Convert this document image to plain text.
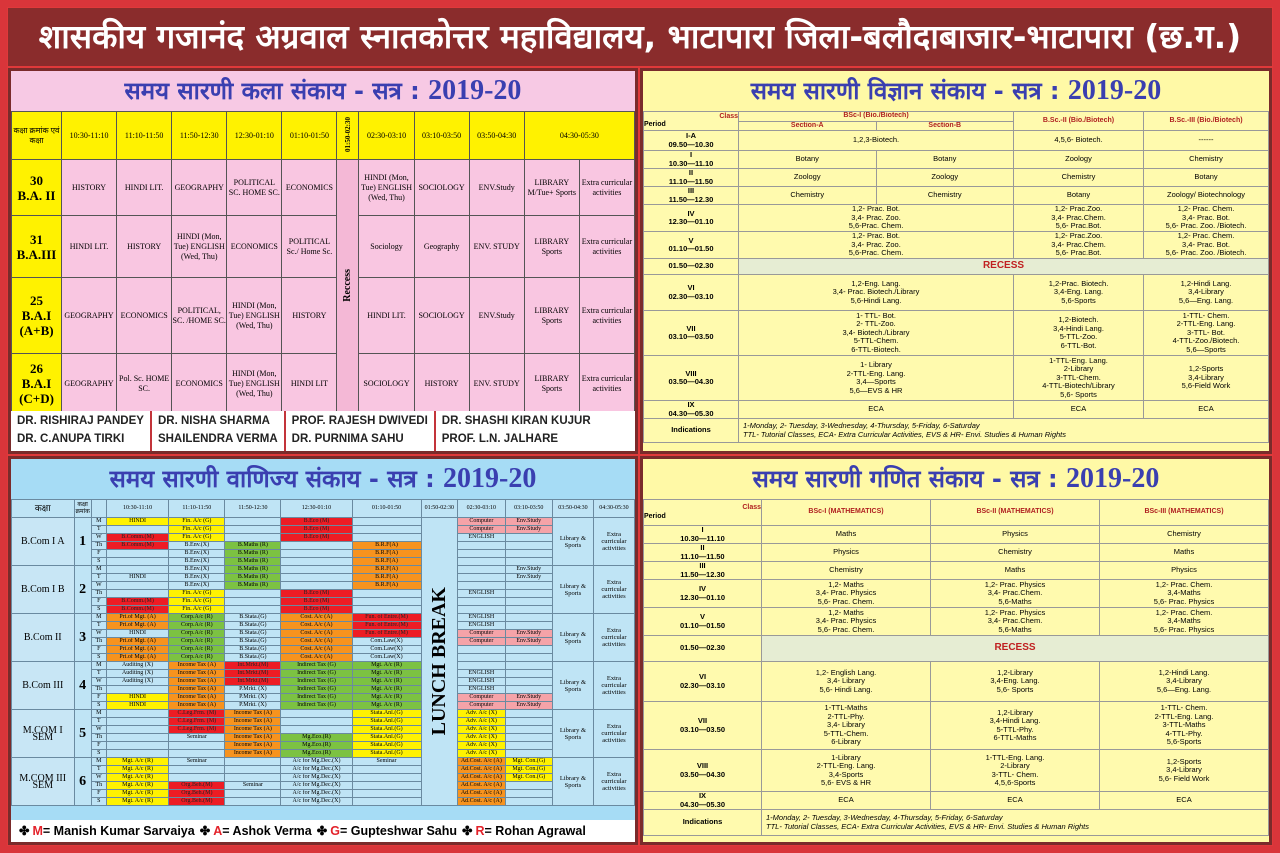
शासकीय गजानंद अग्रवाल स्नातकोत्तर महाविद्यालय, भाटापारा जिला-बलौदाबाजार-भाटापारा (छ.ग.)
समय सारणी कला संकाय - सत्र : 2019-20
कक्षा क्रमांक एवं कक्षा	10:30-11:10	11:10-11:50	11:50-12:30	12:30-01:10	01:10-01:50	01:50-02:30	02:30-03:10	03:10-03:50	03:50-04:30	04:30-05:30	
30
B.A. II	HISTORY	HINDI LIT.	GEOGRAPHY	POLITICAL SC. HOME SC.	ECONOMICS	Reccess	HINDI (Mon, Tue) ENGLISH (Wed, Thu)	SOCIOLOGY	ENV.Study	LIBRARY M/Tue+ Sports	Extra curricular activities
31
B.A.III	HINDI LIT.	HISTORY	HINDI (Mon, Tue) ENGLISH (Wed, Thu)	ECONOMICS	POLITICAL Sc./ Home Sc.		Sociology	Geography	ENV. STUDY	LIBRARY Sports	Extra curricular activities
25
B.A.I
(A+B)	GEOGRAPHY	ECONOMICS	POLITICAL, SC. /HOME SC.	HINDI (Mon, Tue) ENGLISH (Wed, Thu)	HISTORY		HINDI LIT.	SOCIOLOGY	ENV.Study	LIBRARY Sports	Extra curricular activities
26
B.A.I
(C+D)	GEOGRAPHY	Pol. Sc. HOME SC.	ECONOMICS	HINDI (Mon, Tue) ENGLISH (Wed, Thu)	HINDI LIT		SOCIOLOGY	HISTORY	ENV. STUDY	LIBRARY Sports	Extra curricular activities
DR. RISHIRAJ PANDEY
DR. C.ANUPA TIRKI
DR. NISHA SHARMA
SHAILENDRA VERMA
PROF. RAJESH DWIVEDI
DR. PURNIMA SAHU
DR. SHASHI KIRAN KUJUR
PROF. L.N. JALHARE
समय सारणी विज्ञान संकाय - सत्र : 2019-20
Class
Period	BSc-I (Bio./Biotech)		B.Sc.-II (Bio./Biotech)	B.Sc.-III (Bio./Biotech)
	Section-A	Section-B		
I-A
09.50—10.30	1,2,3-Biotech.		4,5,6- Biotech.	------
I
10.30—11.10	Botany	Botany	Zoology	Chemistry
II
11.10—11.50	Zoology	Zoology	Chemistry	Botany
III
11.50—12.30	Chemistry	Chemistry	Botany	Zoology/ Biotechnology
IV
12.30—01.10	1,2- Prac. Bot.
3,4- Prac. Zoo.
5,6-Prac. Chem.		1,2- Prac.Zoo.
3,4- Prac.Chem.
5,6- Prac.Bot.	1,2- Prac. Chem.
3,4- Prac. Bot.
5,6- Prac. Zoo. /Biotech.
V
01.10—01.50	1,2- Prac. Bot.
3,4- Prac. Zoo.
5,6-Prac. Chem.		1,2- Prac.Zoo.
3,4- Prac.Chem.
5,6- Prac.Bot.	1,2- Prac. Chem.
3,4- Prac. Bot.
5,6- Prac. Zoo. /Biotech.
01.50—02.30	RECESS			
VI
02.30—03.10	1,2-Eng. Lang.
3,4- Prac. Biotech./Library
5,6-Hindi Lang.		1,2-Prac. Biotech.
3,4-Eng. Lang.
5,6-Sports	1,2-Hindi Lang.
3,4-Library
5,6—Eng. Lang.
VII
03.10—03.50	1- TTL- Bot.
2- TTL-Zoo.
3,4- Biotech./Library
5-TTL-Chem.
6-TTL-Biotech.		1,2-Biotech.
3,4-Hindi Lang.
5-TTL-Zoo.
6-TTL-Bot.	1-TTL- Chem.
2-TTL-Eng. Lang.
3-TTL- Bot.
4-TTL-Zoo./Biotech.
5,6—Sports
VIII
03.50—04.30	1- Library
2-TTL-Eng. Lang.
3,4—Sports
5,6—EVS & HR		1-TTL-Eng. Lang.
2-Library
3-TTL-Chem.
4-TTL-Biotech/Library
5,6- Sports	1,2-Sports
3,4-Library
5,6-Field Work
IX
04.30—05.30	ECA		ECA	ECA
Indications	1-Monday, 2- Tuesday, 3-Wednesday, 4-Thursday, 5-Friday, 6-Saturday
TTL- Tutorial Classes, ECA- Extra Curricular Activities, EVS & HR- Envi. Studies & Human Rights			
समय सारणी वाणिज्य संकाय - सत्र : 2019-20
कक्षा	कक्षा क्रमांक		10:30-11:10	11:10-11:50	11:50-12:30	12:30-01:10	01:10-01:50	01:50-02:30	02:30-03:10	03:10-03:50	03:50-04:30	04:30-05:30
B.Com I A	1	M	HINDI	Fin. A/c (G)		B.Eco (M)		LUNCH BREAK	Computer	Env.Study	Library & Sports	Extra curricular activities
		T		Fin. A/c (G)		B.Eco (M)			Computer	Env.Study		
		W	B.Comm.(M)	Fin. A/c (G)		B.Eco (M)			ENGLISH			
		Th	B.Comm.(M)	B.Env.(X)	B.Maths (R)		B.R.F(A)					
		F		B.Env.(X)	B.Maths (R)		B.R.F(A)					
		S		B.Env.(X)	B.Maths (R)		B.R.F(A)					
B.Com I B	2	M		B.Env.(X)	B.Maths (R)		B.R.F(A)			Env.Study	Library & Sports	Extra curricular activities
		T	HINDI	B.Env.(X)	B.Maths (R)		B.R.F(A)			Env.Study		
		W		B.Env.(X)	B.Maths (R)		B.R.F(A)					
		Th		Fin. A/c (G)		B.Eco (M)			ENGLISH			
		F	B.Comm.(M)	Fin. A/c (G)		B.Eco (M)						
		S	B.Comm.(M)	Fin. A/c (G)		B.Eco (M)						
B.Com II	3	M	Pri.of Mgt. (A)	Corp.A/c (R)	B.Stata.(G)	Cost. A/c (A)	Fun. of Entre.(M)		ENGLISH		Library & Sports	Extra curricular activities
		T	Pri.of Mgt. (A)	Corp.A/c (R)	B.Stata.(G)	Cost. A/c (A)	Fun. of Entre.(M)		ENGLISH			
		W	HINDI	Corp.A/c (R)	B.Stata.(G)	Cost. A/c (A)	Fun. of Entre.(M)		Computer	Env.Study		
		Th	Pri.of Mgt. (A)	Corp.A/c (R)	B.Stata.(G)	Cost. A/c (A)	Com.Law(X)		Computer	Env.Study		
		F	Pri.of Mgt. (A)	Corp.A/c (R)	B.Stata.(G)	Cost. A/c (A)	Com.Law(X)					
		S	Pri.of Mgt. (A)	Corp.A/c (R)	B.Stata.(G)	Cost. A/c (A)	Com.Law(X)					
B.Com III	4	M	Auditing (X)	Income Tax (A)	Int.Mrkt.(M)	Indirect Tax (G)	Mgt. A/c (R)				Library & Sports	Extra curricular activities
		T	Auditing (X)	Income Tax (A)	Int.Mrkt.(M)	Indirect Tax (G)	Mgt. A/c (R)		ENGLISH			
		W	Auditing (X)	Income Tax (A)	Int.Mrkt.(M)	Indirect Tax (G)	Mgt. A/c (R)		ENGLISH			
		Th		Income Tax (A)	P.Mrkt. (X)	Indirect Tax (G)	Mgt. A/c (R)		ENGLISH			
		F	HINDI	Income Tax (A)	P.Mrkt. (X)	Indirect Tax (G)	Mgt. A/c (R)		Computer	Env.Study		
		S	HINDI	Income Tax (A)	P.Mrkt. (X)	Indirect Tax (G)	Mgt. A/c (R)		Computer	Env.Study		
M.COM I SEM	5	M		C.Leg.Frm. (M)	Income Tax (A)		Stata.Anl.(G)		Adv. A/c (X)		Library & Sports	Extra curricular activities
		T		C.Leg.Frm. (M)	Income Tax (A)		Stata.Anl.(G)		Adv. A/c (X)			
		W		C.Leg.Frm. (M)	Income Tax (A)		Stata.Anl.(G)		Adv. A/c (X)			
		Th		Seminar	Income Tax (A)	Mg.Eco.(R)	Stata.Anl.(G)		Adv. A/c (X)			
		F			Income Tax (A)	Mg.Eco.(R)	Stata.Anl.(G)		Adv. A/c (X)			
		S			Income Tax (A)	Mg.Eco.(R)	Stata.Anl.(G)		Adv. A/c (X)			
M.COM III SEM	6	M	Mgt. A/c (R)	Seminar		A/c for Mg.Dec.(X)	Seminar		Ad.Cost. A/c (A)	Mgt. Con.(G)	Library & Sports	Extra curricular activities
		T	Mgt. A/c (R)			A/c for Mg.Dec.(X)			Ad.Cost. A/c (A)	Mgt. Con.(G)		
		W	Mgt. A/c (R)			A/c for Mg.Dec.(X)			Ad.Cost. A/c (A)	Mgt. Con.(G)		
		Th	Mgt. A/c (R)	Org.Beh.(M)	Seminar	A/c for Mg.Dec.(X)			Ad.Cost. A/c (A)			
		F	Mgt. A/c (R)	Org.Beh.(M)		A/c for Mg.Dec.(X)			Ad.Cost. A/c (A)			
		S	Mgt. A/c (R)	Org.Beh.(M)		A/c for Mg.Dec.(X)			Ad.Cost. A/c (A)			
✤ M= Manish Kumar Sarvaiya ✤ A= Ashok Verma ✤ G= Gupteshwar Sahu ✤ R= Rohan Agrawal
समय सारणी गणित संकाय - सत्र : 2019-20
Class
Period	BSc-I (MATHEMATICS)	BSc-II (MATHEMATICS)	BSc-III (MATHEMATICS)
I
10.30—11.10	Maths	Physics	Chemistry
II
11.10—11.50	Physics	Chemistry	Maths
III
11.50—12.30	Chemistry	Maths	Physics
IV
12.30—01.10	1,2- Maths
3,4- Prac. Physics
5,6- Prac. Chem.	1,2- Prac. Physics
3,4- Prac.Chem.
5,6-Maths	1,2- Prac. Chem.
3,4-Maths
5,6- Prac. Physics
V
01.10—01.50	1,2- Maths
3,4- Prac. Physics
5,6- Prac. Chem.	1,2- Prac. Physics
3,4- Prac.Chem.
5,6-Maths	1,2- Prac. Chem.
3,4-Maths
5,6- Prac. Physics
01.50—02.30	RECESS		
VI
02.30—03.10	1,2- English Lang.
3,4- Library
5,6- Hindi Lang.	1,2-Library
3,4-Eng. Lang.
5,6- Sports	1,2-Hindi Lang.
3,4-Library
5,6—Eng. Lang.
VII
03.10—03.50	1-TTL-Maths
2-TTL-Phy.
3,4- Library
5-TTL-Chem.
6-Library	1,2-Library
3,4-Hindi Lang.
5-TTL-Phy.
6-TTL-Maths	1-TTL- Chem.
2-TTL-Eng. Lang.
3-TTL-Maths
4-TTL-Phy.
5,6-Sports
VIII
03.50—04.30	1-Library
2-TTL-Eng. Lang.
3,4-Sports
5,6- EVS & HR	1-TTL-Eng. Lang.
2-Library
3-TTL- Chem.
4,5,6-Sports	1,2-Sports
3,4-Library
5,6- Field Work
IX
04.30—05.30	ECA	ECA	ECA
Indications	1-Monday, 2- Tuesday, 3-Wednesday, 4-Thursday, 5-Friday, 6-Saturday
TTL- Tutorial Classes, ECA- Extra Curricular Activities, EVS & HR- Envi. Studies & Human Rights		
